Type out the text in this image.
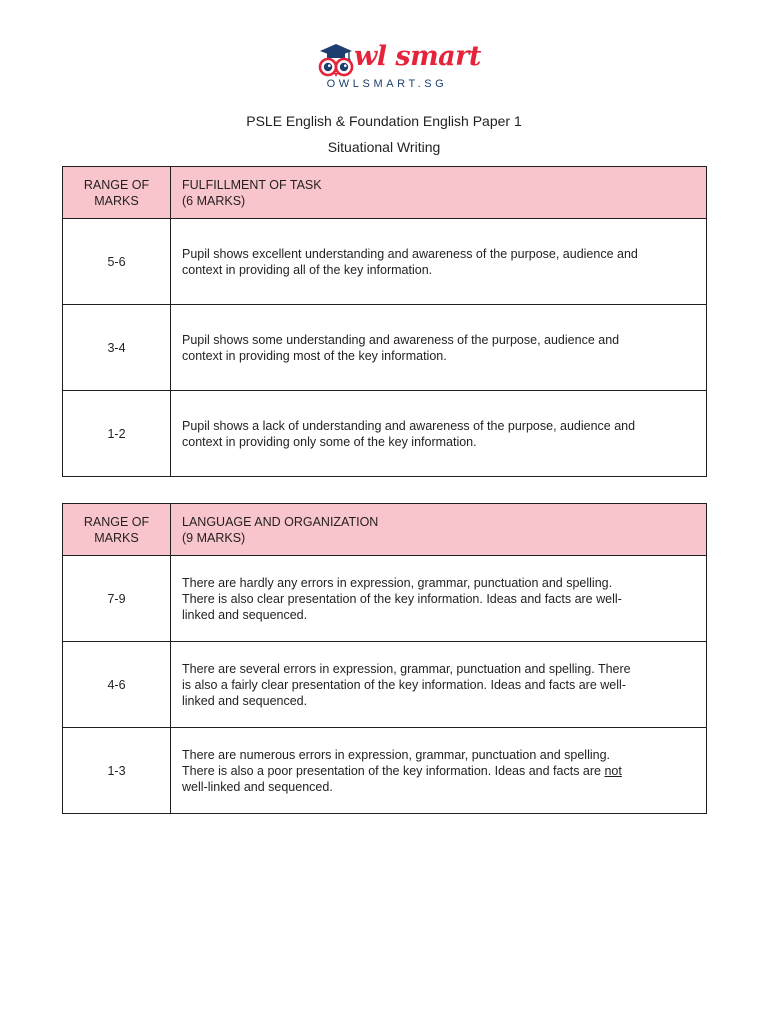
wl smart
OWLSMART.SG
PSLE English & Foundation English Paper 1
Situational Writing
RANGE OF
MARKS	FULFILLMENT OF TASK
(6 MARKS)
5-6	Pupil shows excellent understanding and awareness of the purpose, audience and
context in providing all of the key information.
3-4	Pupil shows some understanding and awareness of the purpose, audience and
context in providing most of the key information.
1-2	Pupil shows a lack of understanding and awareness of the purpose, audience and
context in providing only some of the key information.
RANGE OF
MARKS	LANGUAGE AND ORGANIZATION
(9 MARKS)
7-9	There are hardly any errors in expression, grammar, punctuation and spelling.
There is also clear presentation of the key information. Ideas and facts are well-
linked and sequenced.
4-6	There are several errors in expression, grammar, punctuation and spelling. There
is also a fairly clear presentation of the key information. Ideas and facts are well-
linked and sequenced.
1-3	There are numerous errors in expression, grammar, punctuation and spelling.
There is also a poor presentation of the key information. Ideas and facts are not
well-linked and sequenced.
